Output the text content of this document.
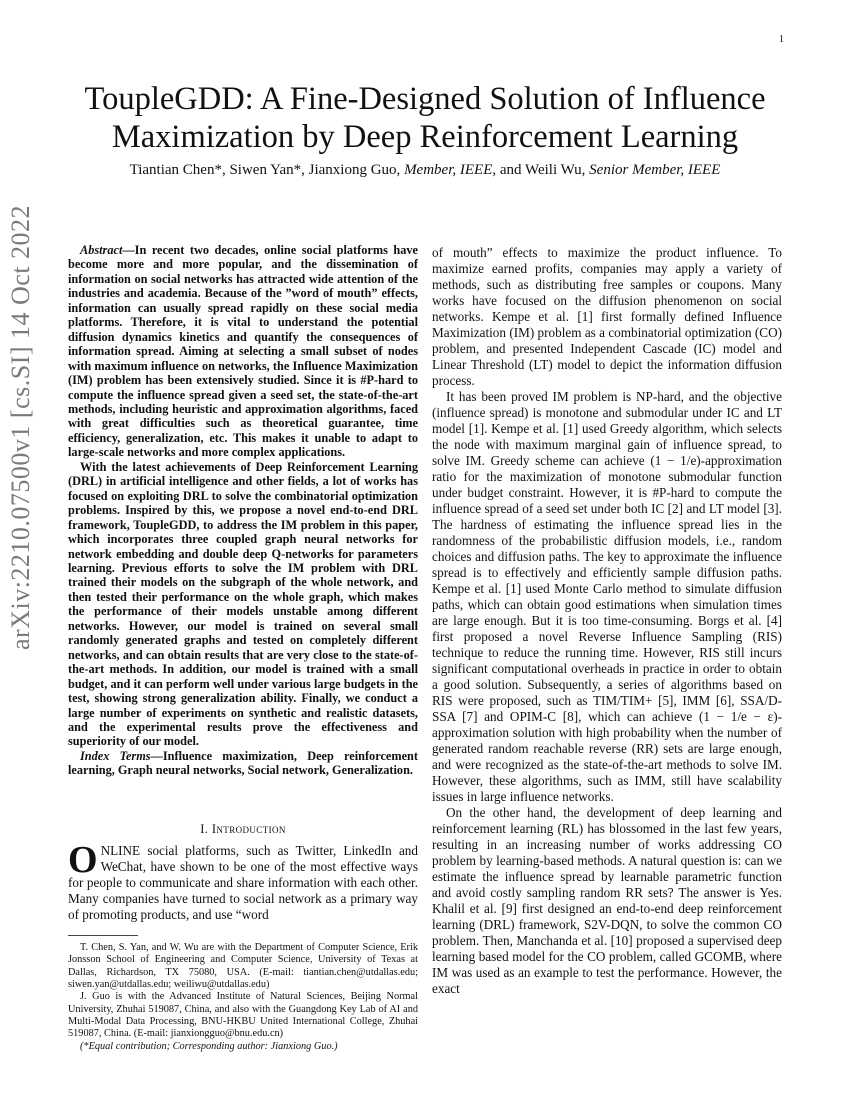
1
arXiv:2210.07500v1 [cs.SI] 14 Oct 2022
ToupleGDD: A Fine-Designed Solution of Influence Maximization by Deep Reinforcement Learning
Tiantian Chen*, Siwen Yan*, Jianxiong Guo, Member, IEEE, and Weili Wu, Senior Member, IEEE

Abstract—In recent two decades, online social platforms have become more and more popular, and the dissemination of information on social networks has attracted wide attention of the industries and academia. Because of the ”word of mouth” effects, information can usually spread rapidly on these social media platforms. Therefore, it is vital to understand the potential diffusion dynamics kinetics and quantify the consequences of information spread. Aiming at selecting a small subset of nodes with maximum influence on networks, the Influence Maximization (IM) problem has been extensively studied. Since it is #P-hard to compute the influence spread given a seed set, the state-of-the-art methods, including heuristic and approximation algorithms, faced with great difficulties such as theoretical guarantee, time efficiency, generalization, etc. This makes it unable to adapt to large-scale networks and more complex applications.

With the latest achievements of Deep Reinforcement Learning (DRL) in artificial intelligence and other fields, a lot of works has focused on exploiting DRL to solve the combinatorial optimization problems. Inspired by this, we propose a novel end-to-end DRL framework, ToupleGDD, to address the IM problem in this paper, which incorporates three coupled graph neural networks for network embedding and double deep Q-networks for parameters learning. Previous efforts to solve the IM problem with DRL trained their models on the subgraph of the whole network, and then tested their performance on the whole graph, which makes the performance of their models unstable among different networks. However, our model is trained on several small randomly generated graphs and tested on completely different networks, and can obtain results that are very close to the state-of-the-art methods. In addition, our model is trained with a small budget, and it can perform well under various large budgets in the test, showing strong generalization ability. Finally, we conduct a large number of experiments on synthetic and realistic datasets, and the experimental results prove the effectiveness and superiority of our model.

Index Terms—Influence maximization, Deep reinforcement learning, Graph neural networks, Social network, Generalization.

I. Introduction

ONLINE social platforms, such as Twitter, LinkedIn and WeChat, have shown to be one of the most effective ways for people to communicate and share information with each other. Many companies have turned to social network as a primary way of promoting products, and use “word

T. Chen, S. Yan, and W. Wu are with the Department of Computer Science, Erik Jonsson School of Engineering and Computer Science, University of Texas at Dallas, Richardson, TX 75080, USA. (E-mail: tiantian.chen@utdallas.edu; siwen.yan@utdallas.edu; weiliwu@utdallas.edu)

J. Guo is with the Advanced Institute of Natural Sciences, Beijing Normal University, Zhuhai 519087, China, and also with the Guangdong Key Lab of AI and Multi-Modal Data Processing, BNU-HKBU United International College, Zhuhai 519087, China. (E-mail: jianxiongguo@bnu.edu.cn)

(*Equal contribution; Corresponding author: Jianxiong Guo.)

of mouth” effects to maximize the product influence. To maximize earned profits, companies may apply a variety of methods, such as distributing free samples or coupons. Many works have focused on the diffusion phenomenon on social networks. Kempe et al. [1] first formally defined Influence Maximization (IM) problem as a combinatorial optimization (CO) problem, and presented Independent Cascade (IC) model and Linear Threshold (LT) model to depict the information diffusion process.

It has been proved IM problem is NP-hard, and the objective (influence spread) is monotone and submodular under IC and LT model [1]. Kempe et al. [1] used Greedy algorithm, which selects the node with maximum marginal gain of influence spread, to solve IM. Greedy scheme can achieve (1 − 1/e)-approximation ratio for the maximization of monotone submodular function under budget constraint. However, it is #P-hard to compute the influence spread of a seed set under both IC [2] and LT model [3]. The hardness of estimating the influence spread lies in the randomness of the probabilistic diffusion models, i.e., random choices and diffusion paths. The key to approximate the influence spread is to effectively and efficiently sample diffusion paths. Kempe et al. [1] used Monte Carlo method to simulate diffusion paths, which can obtain good estimations when simulation times are large enough. But it is too time-consuming. Borgs et al. [4] first proposed a novel Reverse Influence Sampling (RIS) technique to reduce the running time. However, RIS still incurs significant computational overheads in practice in order to obtain a good solution. Subsequently, a series of algorithms based on RIS were proposed, such as TIM/TIM+ [5], IMM [6], SSA/D-SSA [7] and OPIM-C [8], which can achieve (1 − 1/e − ε)-approximation solution with high probability when the number of generated random reachable reverse (RR) sets are large enough, and were recognized as the state-of-the-art methods to solve IM. However, these algorithms, such as IMM, still have scalability issues in large influence networks.

On the other hand, the development of deep learning and reinforcement learning (RL) has blossomed in the last few years, resulting in an increasing number of works addressing CO problem by learning-based methods. A natural question is: can we estimate the influence spread by learnable parametric function and avoid costly sampling random RR sets? The answer is Yes. Khalil et al. [9] first designed an end-to-end deep reinforcement learning (DRL) framework, S2V-DQN, to solve the common CO problem. Then, Manchanda et al. [10] proposed a supervised deep learning based model for the CO problem, called GCOMB, where IM was used as an example to test the performance. However, the exact
